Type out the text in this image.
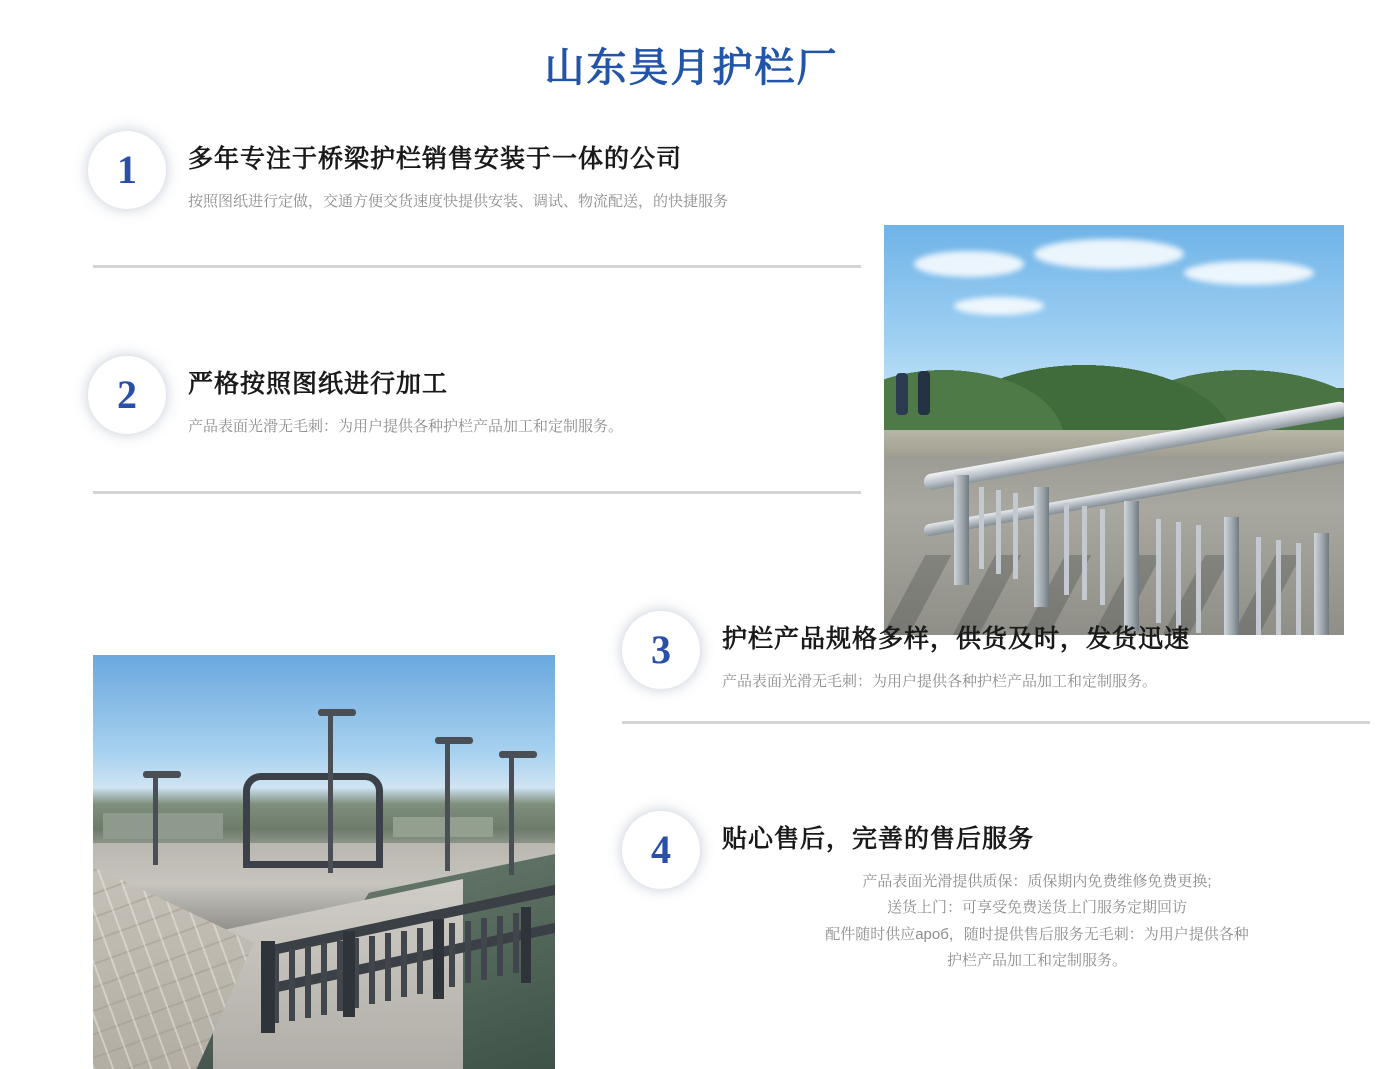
山东昊月护栏厂
1 多年专注于桥梁护栏销售安装于一体的公司
按照图纸进行定做，交通方便交货速度快提供安装、调试、物流配送，的快捷服务
2 严格按照图纸进行加工
产品表面光滑无毛刺：为用户提供各种护栏产品加工和定制服务。
3 护栏产品规格多样，供货及时，发货迅速
产品表面光滑无毛刺：为用户提供各种护栏产品加工和定制服务。
4 贴心售后，完善的售后服务
产品表面光滑提供质保：质保期内免费维修免费更换;
送货上门：可享受免费送货上门服务定期回访
配件随时供应ароб，随时提供售后服务无毛刺：为用户提供各种
护栏产品加工和定制服务。
